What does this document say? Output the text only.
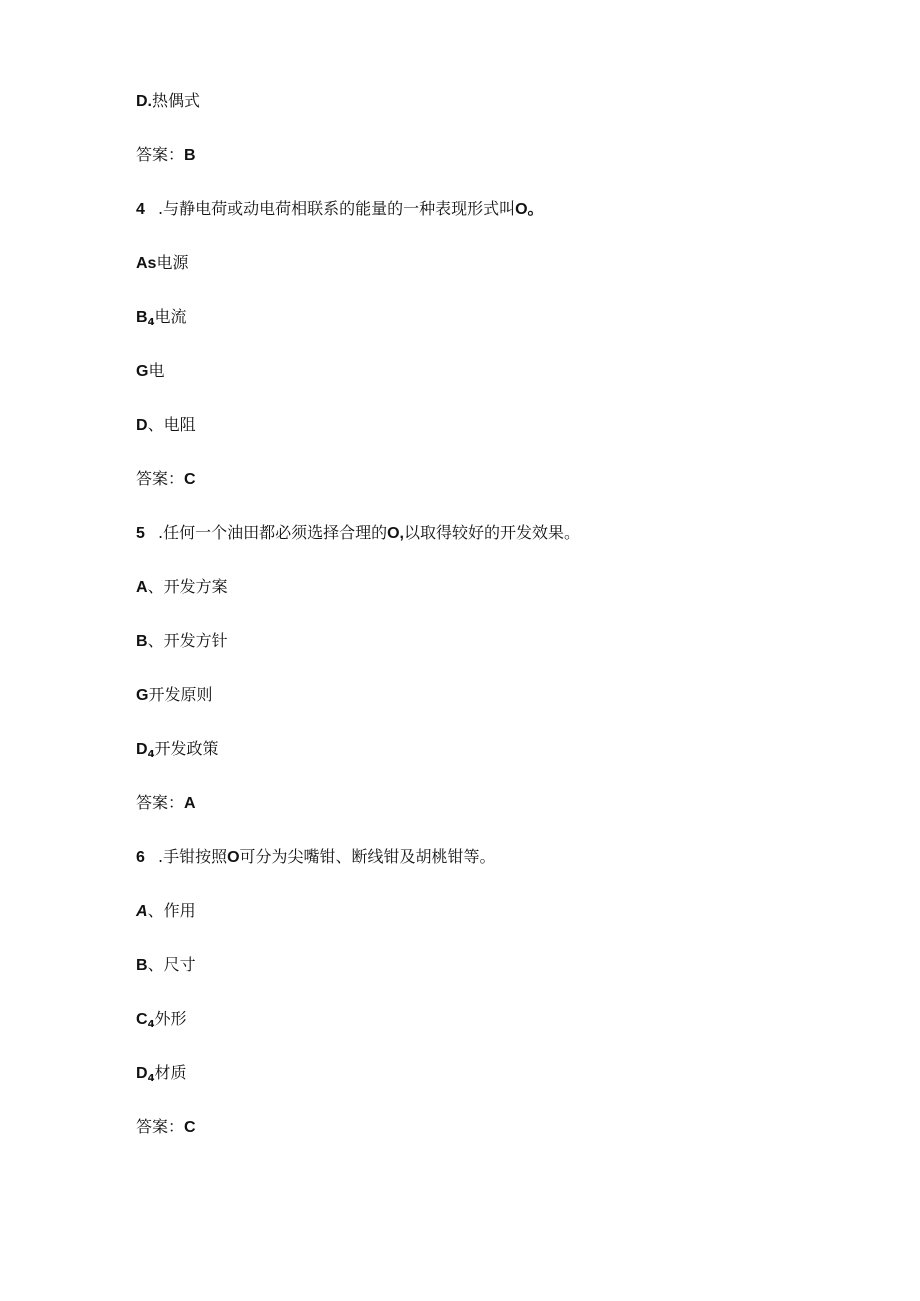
D.热偶式
答案：B
4 .与静电荷或动电荷相联系的能量的一种表现形式叫O。
As电源
$B_4$电流
G电
D、电阻
答案：C
5 .任何一个油田都必须选择合理的O,以取得较好的开发效果。
A、开发方案
B、开发方针
G开发原则
$D_4$开发政策
答案：A
6 .手钳按照O可分为尖嘴钳、断线钳及胡桃钳等。
A、作用
B、尺寸
$C_4$外形
$D_4$材质
答案：C
